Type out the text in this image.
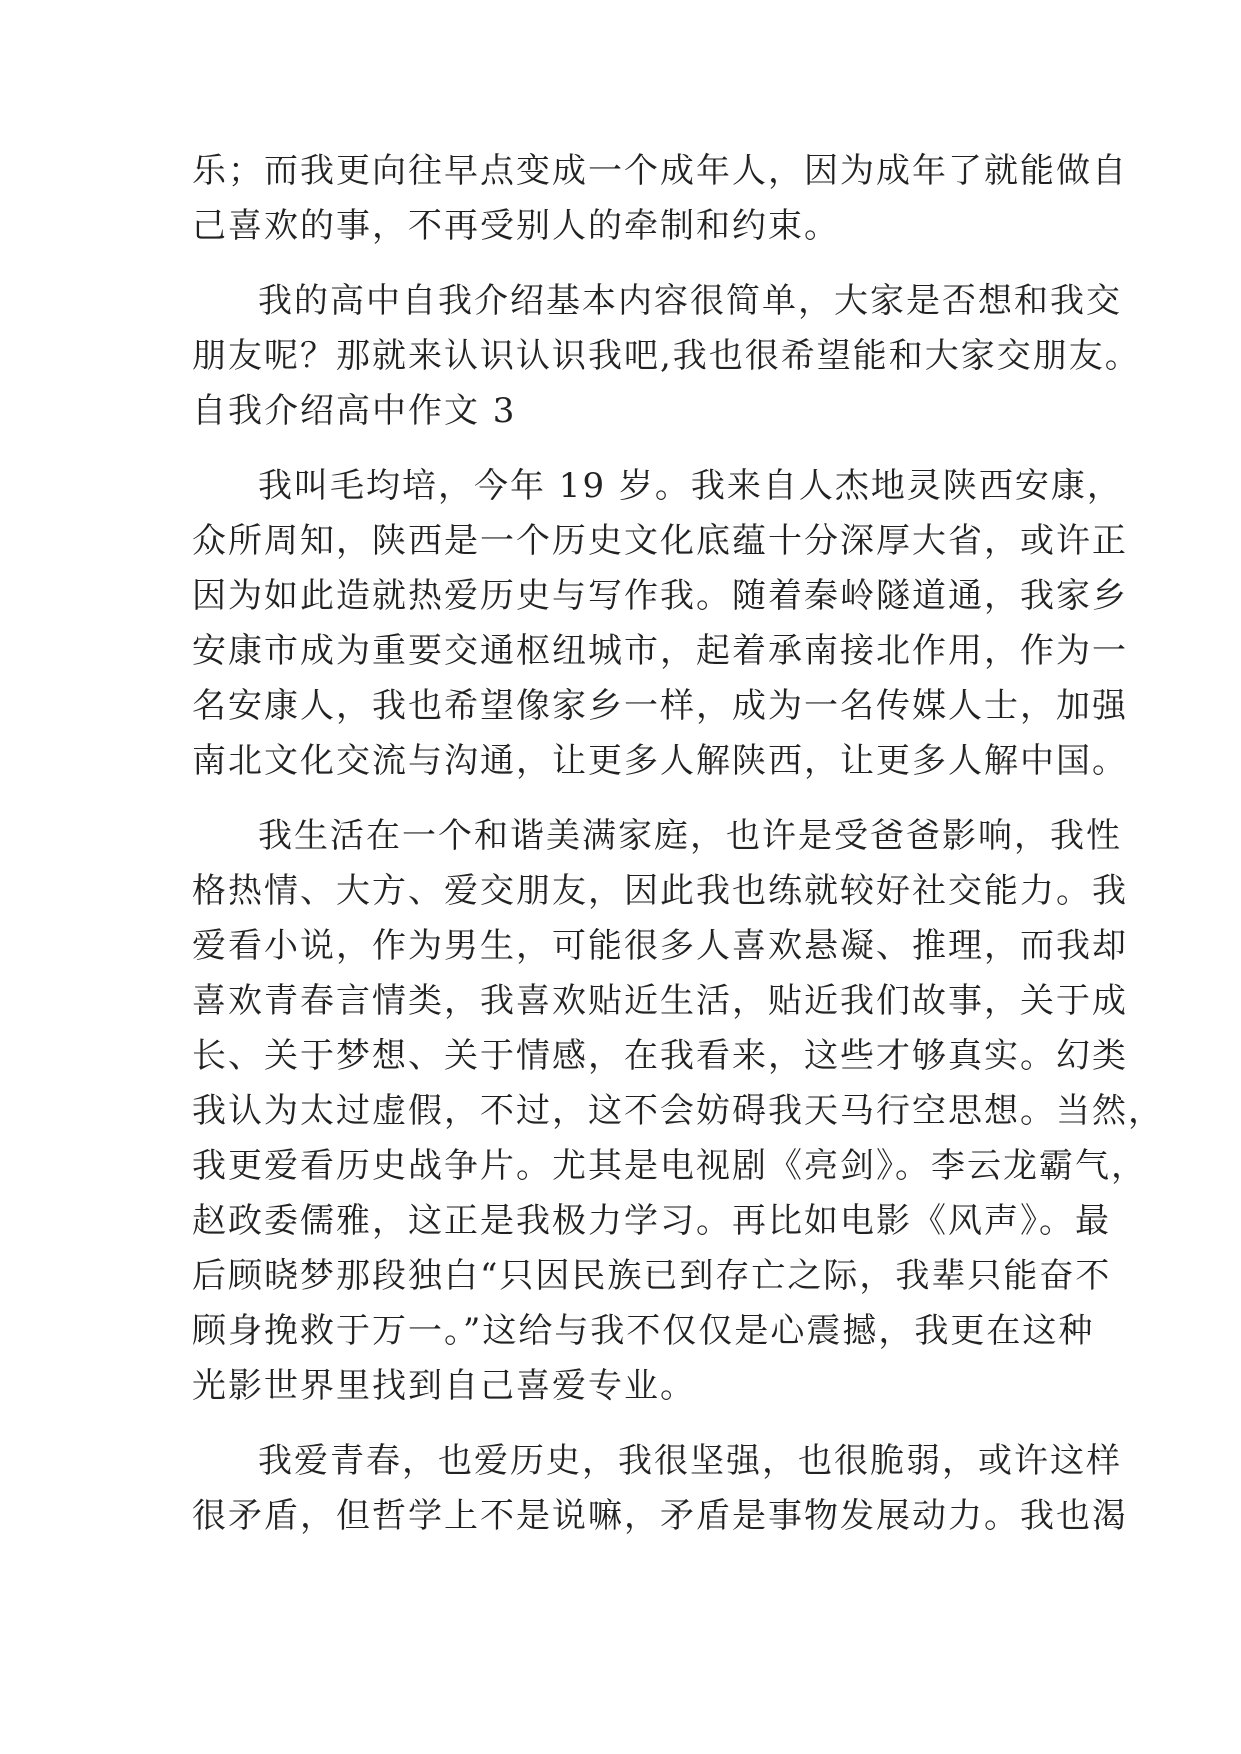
乐；而我更向往早点变成一个成年人，因为成年了就能做自
己喜欢的事，不再受别人的牵制和约束。
我的高中自我介绍基本内容很简单，大家是否想和我交
朋友呢？那就来认识认识我吧,我也很希望能和大家交朋友。
自我介绍高中作文 3
我叫毛均培，今年 19 岁。我来自人杰地灵陕西安康，
众所周知，陕西是一个历史文化底蕴十分深厚大省，或许正
因为如此造就热爱历史与写作我。随着秦岭隧道通，我家乡
安康市成为重要交通枢纽城市，起着承南接北作用，作为一
名安康人，我也希望像家乡一样，成为一名传媒人士，加强
南北文化交流与沟通，让更多人解陕西，让更多人解中国。
我生活在一个和谐美满家庭，也许是受爸爸影响，我性
格热情、大方、爱交朋友，因此我也练就较好社交能力。我
爱看小说，作为男生，可能很多人喜欢悬凝、推理，而我却
喜欢青春言情类，我喜欢贴近生活，贴近我们故事，关于成
长、关于梦想、关于情感，在我看来，这些才够真实。幻类
我认为太过虚假，不过，这不会妨碍我天马行空思想。当然，
我更爱看历史战争片。尤其是电视剧《亮剑》。李云龙霸气，
赵政委儒雅，这正是我极力学习。再比如电影《风声》。最
后顾晓梦那段独白“只因民族已到存亡之际，我辈只能奋不
顾身挽救于万一。”这给与我不仅仅是心震撼，我更在这种
光影世界里找到自己喜爱专业。
我爱青春，也爱历史，我很坚强，也很脆弱，或许这样
很矛盾，但哲学上不是说嘛，矛盾是事物发展动力。我也渴
